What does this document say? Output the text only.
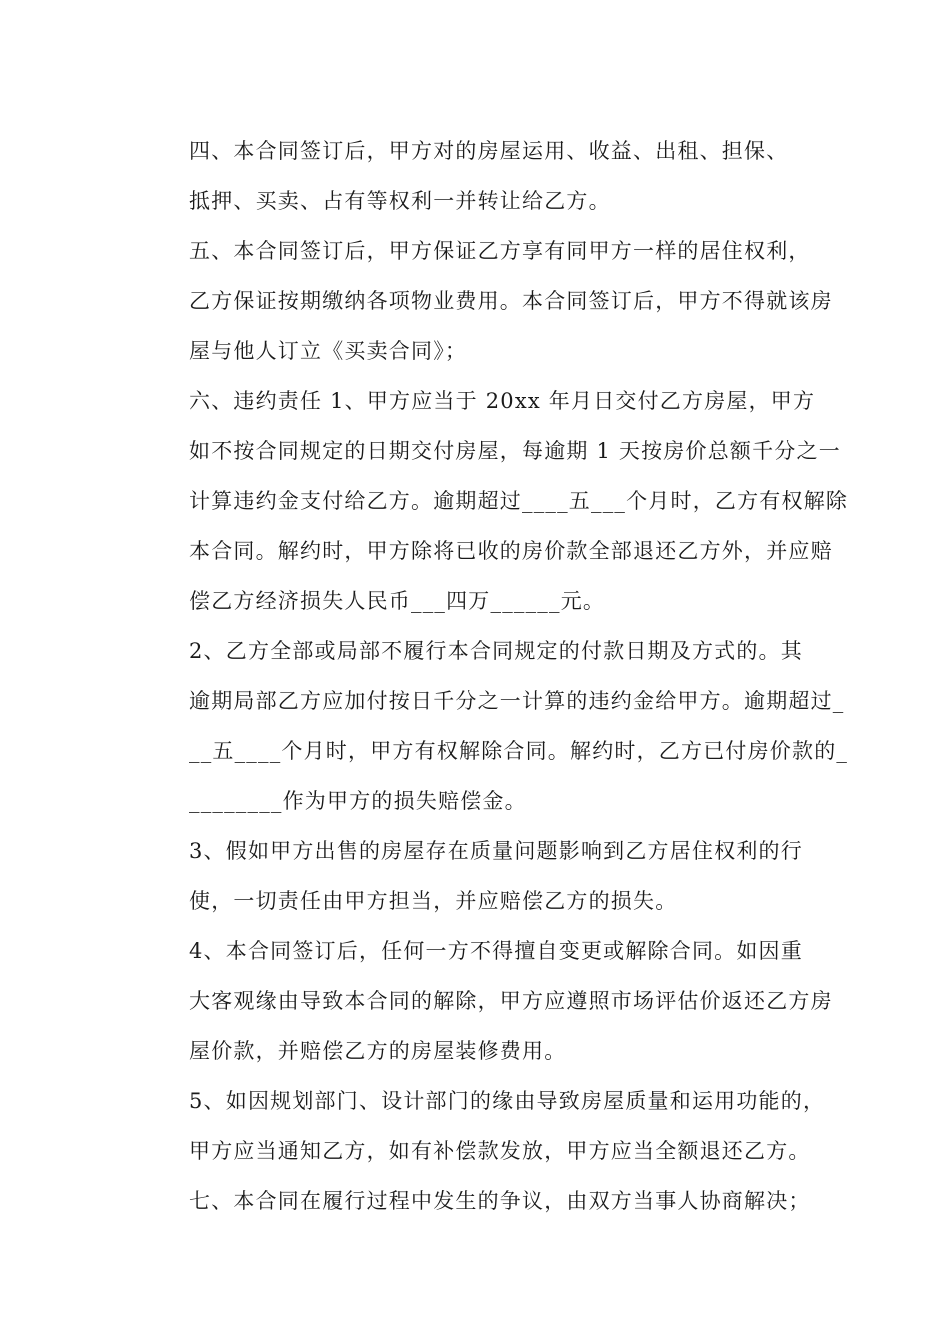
四、本合同签订后，甲方对的房屋运用、收益、出租、担保、
抵押、买卖、占有等权利一并转让给乙方。

五、本合同签订后，甲方保证乙方享有同甲方一样的居住权利，
乙方保证按期缴纳各项物业费用。本合同签订后，甲方不得就该房
屋与他人订立《买卖合同》；

六、违约责任 1、甲方应当于 20xx 年月日交付乙方房屋，甲方
如不按合同规定的日期交付房屋，每逾期 1 天按房价总额千分之一
计算违约金支付给乙方。逾期超过____五___个月时，乙方有权解除
本合同。解约时，甲方除将已收的房价款全部退还乙方外，并应赔
偿乙方经济损失人民币___四万______元。

2、乙方全部或局部不履行本合同规定的付款日期及方式的。其
逾期局部乙方应加付按日千分之一计算的违约金给甲方。逾期超过_
__五____个月时，甲方有权解除合同。解约时，乙方已付房价款的_
________作为甲方的损失赔偿金。

3、假如甲方出售的房屋存在质量问题影响到乙方居住权利的行
使，一切责任由甲方担当，并应赔偿乙方的损失。

4、本合同签订后，任何一方不得擅自变更或解除合同。如因重
大客观缘由导致本合同的解除，甲方应遵照市场评估价返还乙方房
屋价款，并赔偿乙方的房屋装修费用。

5、如因规划部门、设计部门的缘由导致房屋质量和运用功能的，
甲方应当通知乙方，如有补偿款发放，甲方应当全额退还乙方。

七、本合同在履行过程中发生的争议，由双方当事人协商解决；
